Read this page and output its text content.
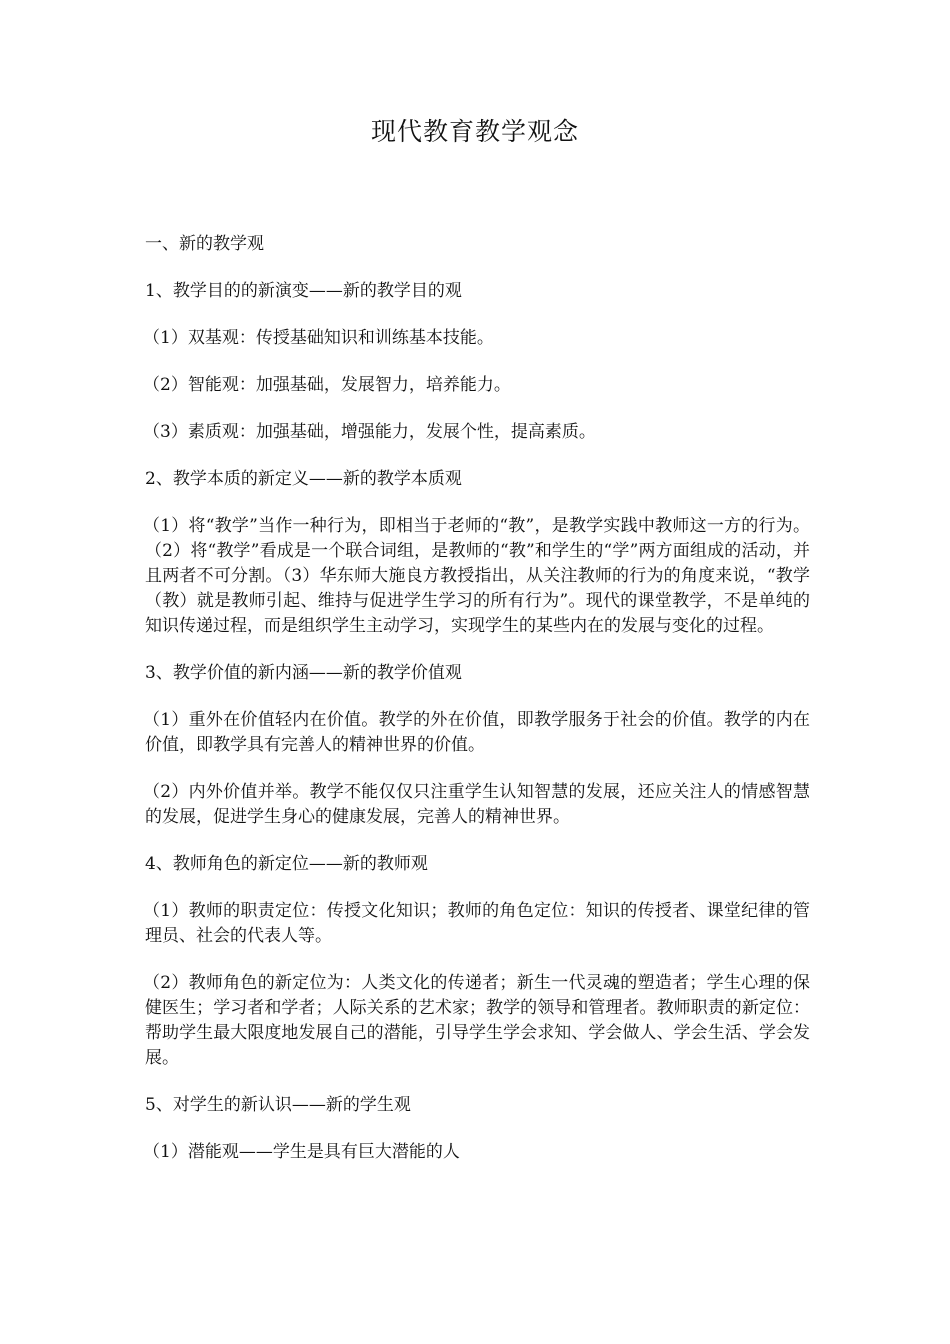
现代教育教学观念

一、新的教学观

1、教学目的的新演变——新的教学目的观

（1）双基观：传授基础知识和训练基本技能。

（2）智能观：加强基础，发展智力，培养能力。

（3）素质观：加强基础，增强能力，发展个性，提高素质。

2、教学本质的新定义——新的教学本质观

（1）将“教学”当作一种行为，即相当于老师的“教”，是教学实践中教师这一方的行为。（2）将“教学”看成是一个联合词组，是教师的“教”和学生的“学”两方面组成的活动，并且两者不可分割。（3）华东师大施良方教授指出，从关注教师的行为的角度来说，“教学（教）就是教师引起、维持与促进学生学习的所有行为”。现代的课堂教学，不是单纯的知识传递过程，而是组织学生主动学习，实现学生的某些内在的发展与变化的过程。

3、教学价值的新内涵——新的教学价值观

（1）重外在价值轻内在价值。教学的外在价值，即教学服务于社会的价值。教学的内在价值，即教学具有完善人的精神世界的价值。

（2）内外价值并举。教学不能仅仅只注重学生认知智慧的发展，还应关注人的情感智慧的发展，促进学生身心的健康发展，完善人的精神世界。

4、教师角色的新定位——新的教师观

（1）教师的职责定位：传授文化知识；教师的角色定位：知识的传授者、课堂纪律的管理员、社会的代表人等。

（2）教师角色的新定位为：人类文化的传递者；新生一代灵魂的塑造者；学生心理的保健医生；学习者和学者；人际关系的艺术家；教学的领导和管理者。教师职责的新定位：帮助学生最大限度地发展自己的潜能，引导学生学会求知、学会做人、学会生活、学会发展。

5、对学生的新认识——新的学生观

（1）潜能观——学生是具有巨大潜能的人
